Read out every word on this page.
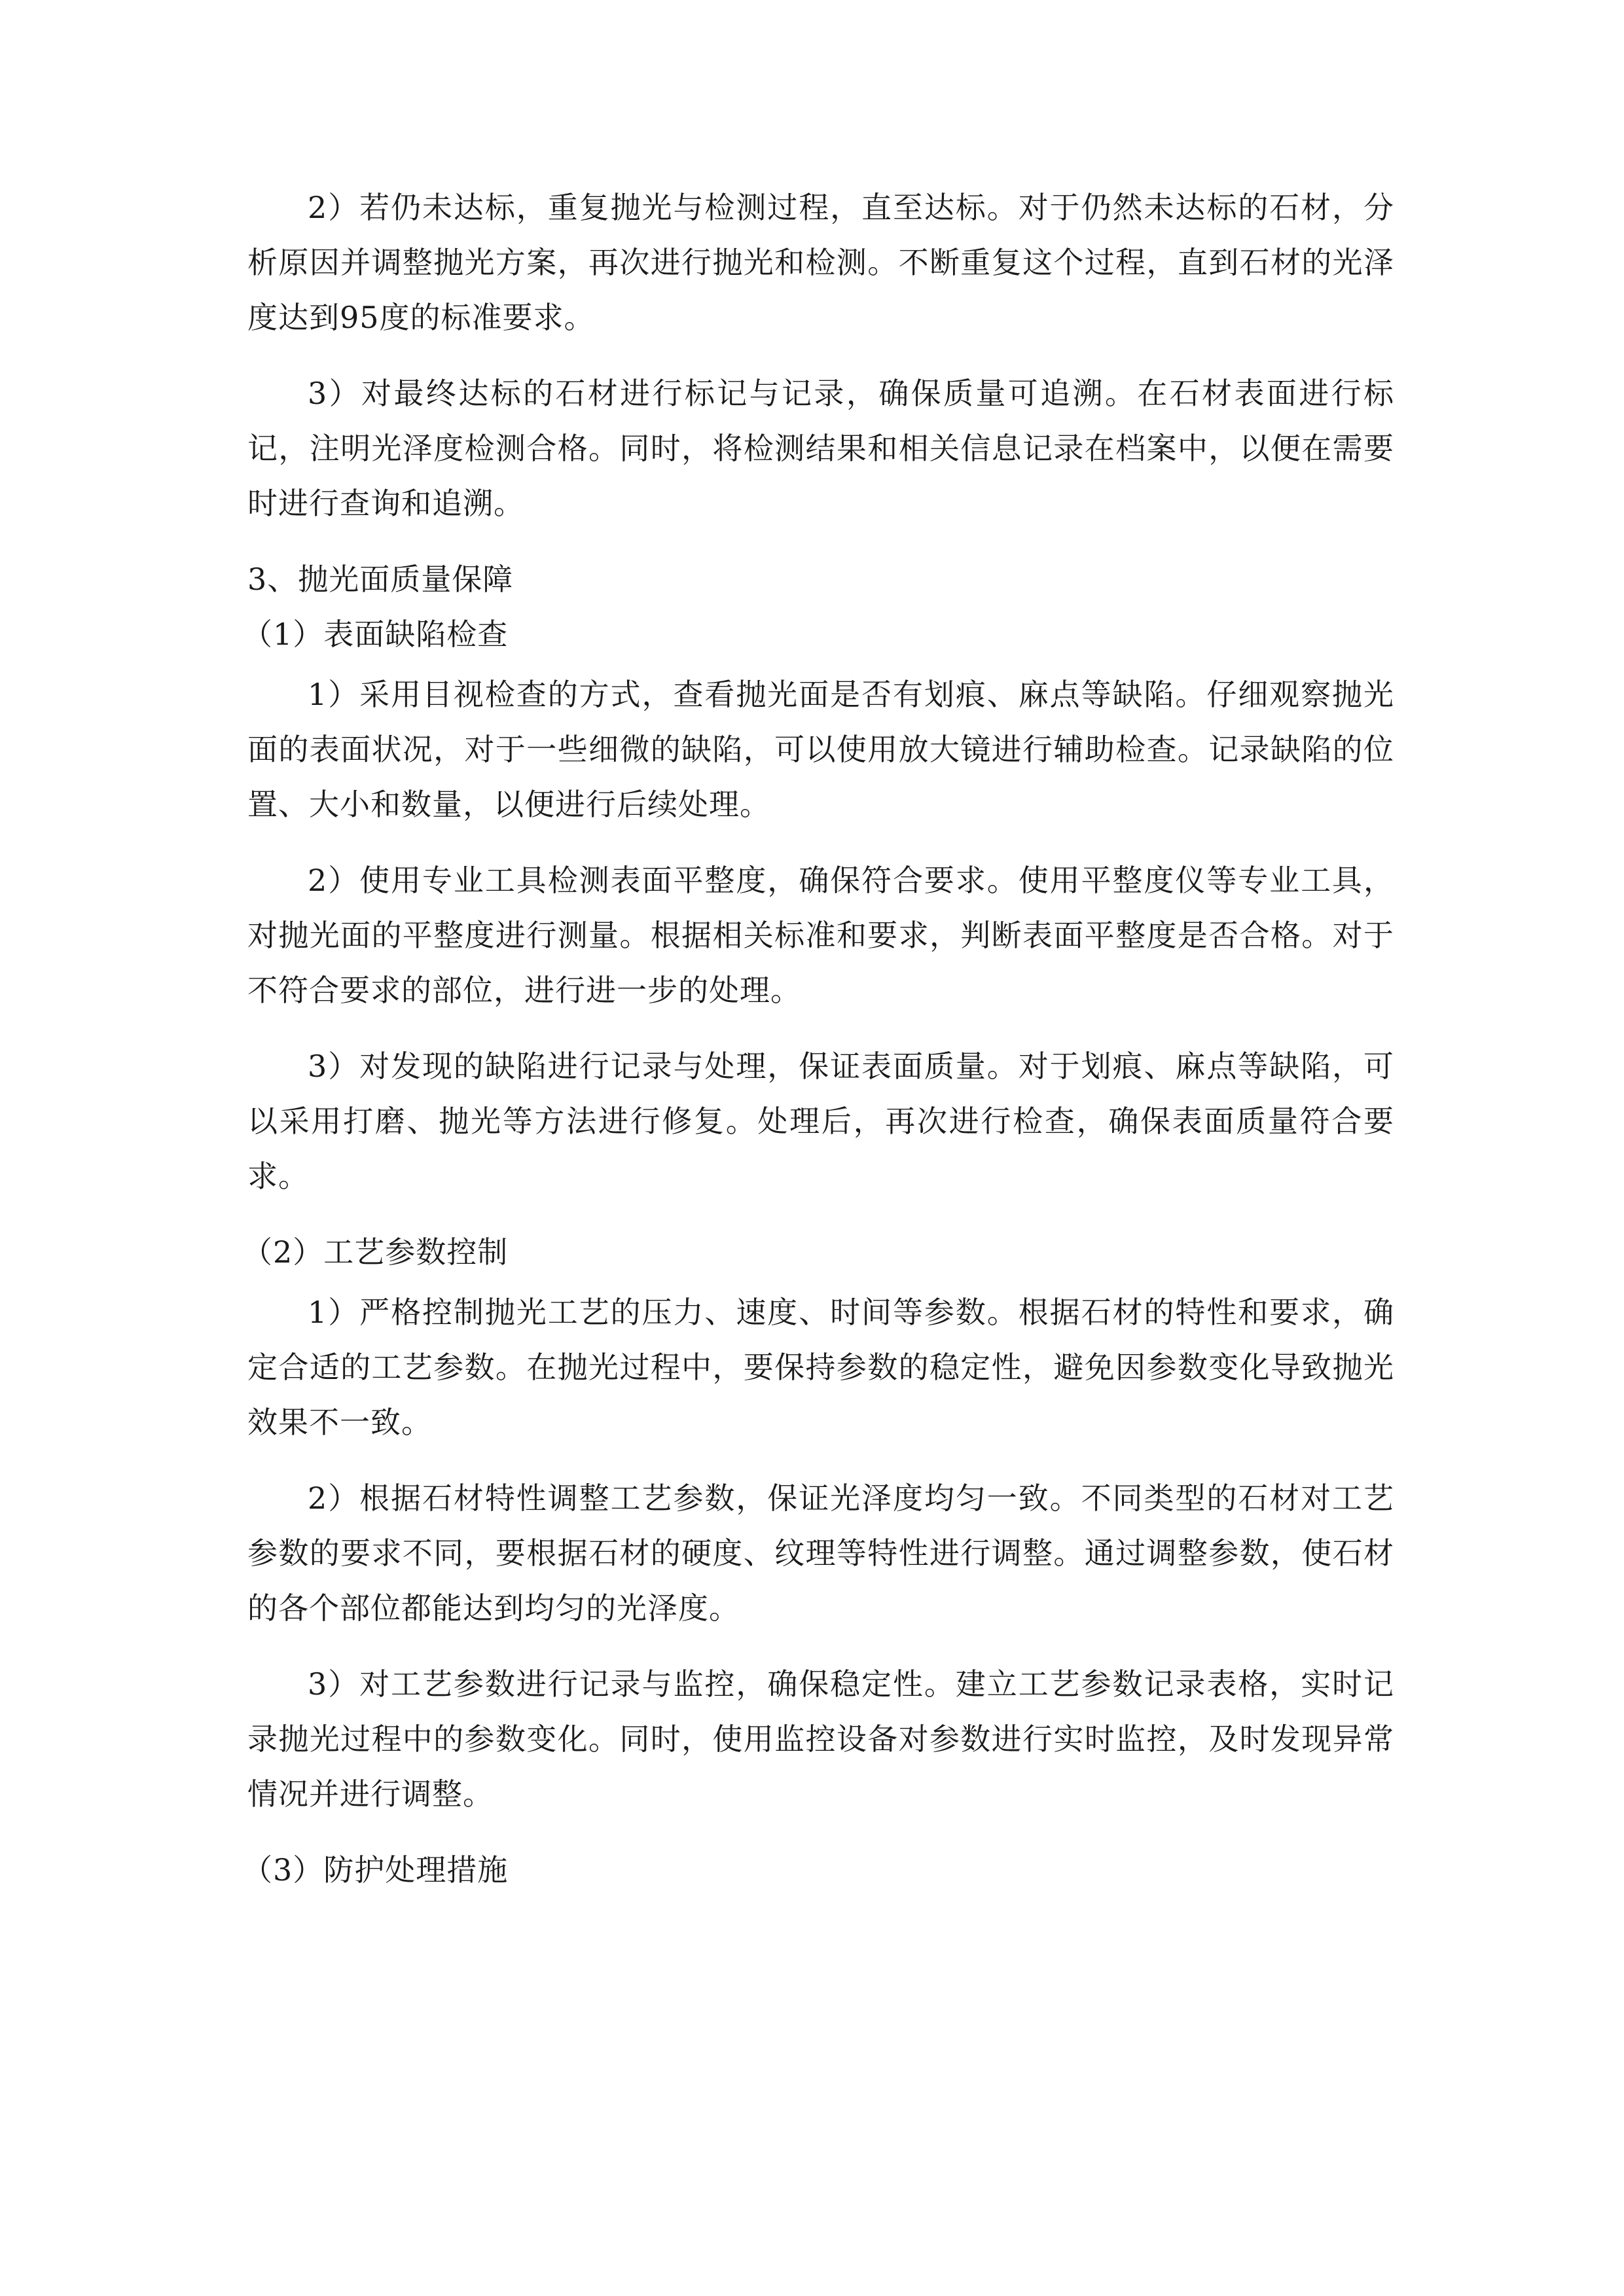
2）若仍未达标，重复抛光与检测过程，直至达标。对于仍然未达标的石材，分析原因并调整抛光方案，再次进行抛光和检测。不断重复这个过程，直到石材的光泽度达到95度的标准要求。

3）对最终达标的石材进行标记与记录，确保质量可追溯。在石材表面进行标记，注明光泽度检测合格。同时，将检测结果和相关信息记录在档案中，以便在需要时进行查询和追溯。

3、抛光面质量保障

（1）表面缺陷检查

1）采用目视检查的方式，查看抛光面是否有划痕、麻点等缺陷。仔细观察抛光面的表面状况，对于一些细微的缺陷，可以使用放大镜进行辅助检查。记录缺陷的位置、大小和数量，以便进行后续处理。

2）使用专业工具检测表面平整度，确保符合要求。使用平整度仪等专业工具，对抛光面的平整度进行测量。根据相关标准和要求，判断表面平整度是否合格。对于不符合要求的部位，进行进一步的处理。

3）对发现的缺陷进行记录与处理，保证表面质量。对于划痕、麻点等缺陷，可以采用打磨、抛光等方法进行修复。处理后，再次进行检查，确保表面质量符合要求。

（2）工艺参数控制

1）严格控制抛光工艺的压力、速度、时间等参数。根据石材的特性和要求，确定合适的工艺参数。在抛光过程中，要保持参数的稳定性，避免因参数变化导致抛光效果不一致。

2）根据石材特性调整工艺参数，保证光泽度均匀一致。不同类型的石材对工艺参数的要求不同，要根据石材的硬度、纹理等特性进行调整。通过调整参数，使石材的各个部位都能达到均匀的光泽度。

3）对工艺参数进行记录与监控，确保稳定性。建立工艺参数记录表格，实时记录抛光过程中的参数变化。同时，使用监控设备对参数进行实时监控，及时发现异常情况并进行调整。

（3）防护处理措施
